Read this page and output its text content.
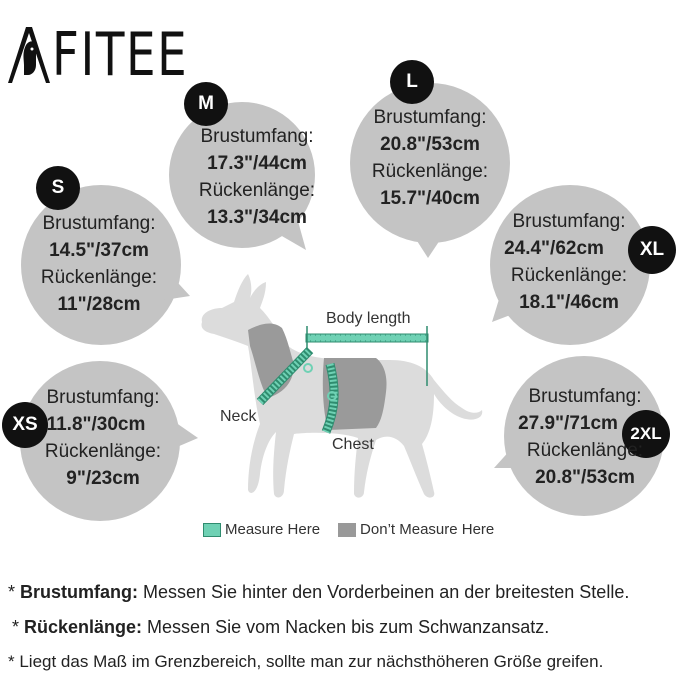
FITEE
M
L
S
XL
XS	2XL
Brustumfang:
17.3"/44cm
Rückenlänge:
13.3"/34cm
Brustumfang:
20.8"/53cm
Rückenlänge:
15.7"/40cm
Brustumfang:
14.5"/37cm
Rückenlänge:
11"/28cm
Brustumfang:
24.4"/62cm
Rückenlänge:
18.1"/46cm
Brustumfang:
11.8"/30cm
Rückenlänge:
9"/23cm
Brustumfang:
27.9"/71cm
Rückenlänge:
20.8"/53cm
Body length
Neck
Chest
Measure Here	Don’t Measure Here
* Brustumfang: Messen Sie hinter den Vorderbeinen an der breitesten Stelle.
* Rückenlänge: Messen Sie vom Nacken bis zum Schwanzansatz.
* Liegt das Maß im Grenzbereich, sollte man zur nächsthöheren Größe greifen.
